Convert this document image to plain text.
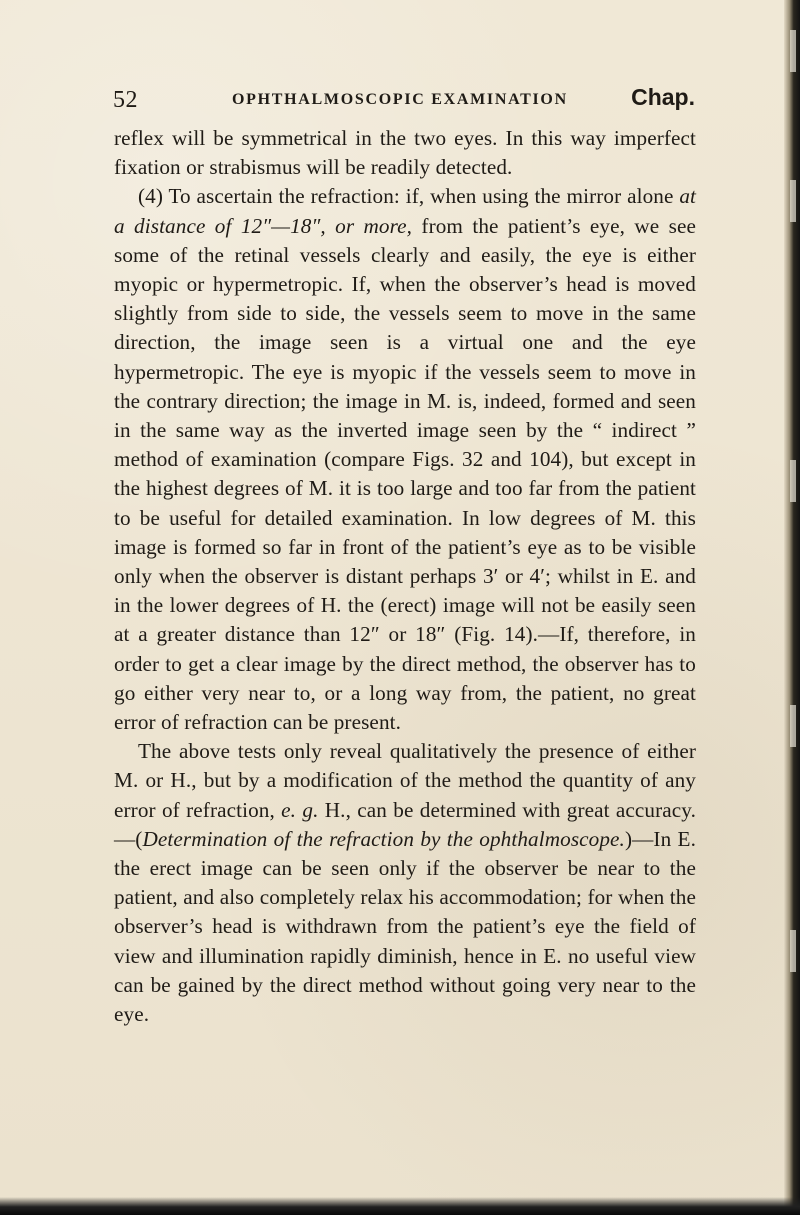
52	OPHTHALMOSCOPIC EXAMINATION	Chap.

reflex will be symmetrical in the two eyes. In this way imperfect fixation or strabismus will be readily detected.

(4) To ascertain the refraction: if, when using the mirror alone at a distance of 12″—18″, or more, from the patient’s eye, we see some of the retinal vessels clearly and easily, the eye is either myopic or hypermetropic. If, when the observer’s head is moved slightly from side to side, the vessels seem to move in the same direction, the image seen is a virtual one and the eye hypermetropic. The eye is myopic if the vessels seem to move in the contrary direction; the image in M. is, indeed, formed and seen in the same way as the inverted image seen by the “ indirect ” method of examination (compare Figs. 32 and 104), but except in the highest degrees of M. it is too large and too far from the patient to be useful for detailed examination. In low degrees of M. this image is formed so far in front of the patient’s eye as to be visible only when the observer is distant perhaps 3′ or 4′; whilst in E. and in the lower degrees of H. the (erect) image will not be easily seen at a greater distance than 12″ or 18″ (Fig. 14).—If, therefore, in order to get a clear image by the direct method, the observer has to go either very near to, or a long way from, the patient, no great error of refraction can be present.

The above tests only reveal qualitatively the presence of either M. or H., but by a modification of the method the quantity of any error of refraction, e. g. H., can be determined with great accuracy.—(Determination of the refraction by the ophthalmoscope.)—In E. the erect image can be seen only if the observer be near to the patient, and also completely relax his accommodation; for when the observer’s head is withdrawn from the patient’s eye the field of view and illumination rapidly diminish, hence in E. no useful view can be gained by the direct method without going very near to the eye.
